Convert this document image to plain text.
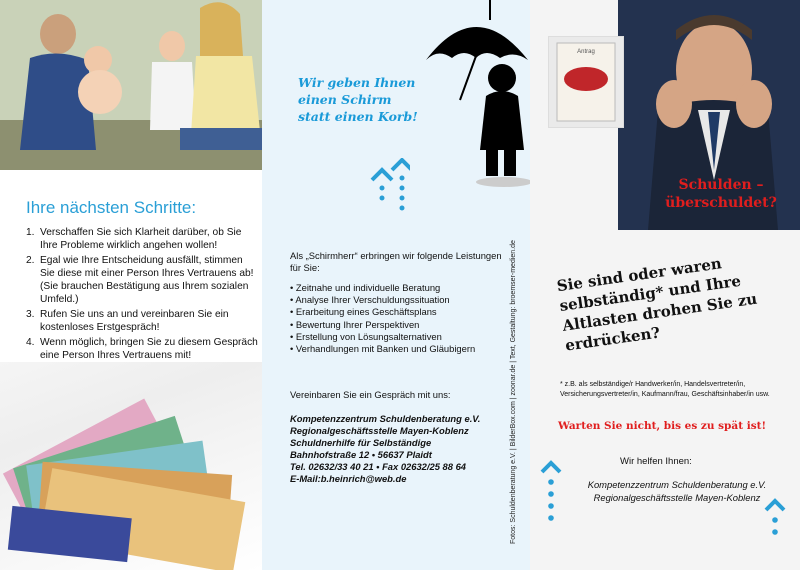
Ihre nächsten Schritte:
1. Verschaffen Sie sich Klarheit darüber, ob Sie Ihre Probleme wirklich angehen wollen!
2. Egal wie Ihre Entscheidung ausfällt, stimmen Sie diese mit einer Person Ihres Vertrauens ab! (Sie brauchen Bestätigung aus Ihrem sozialen Umfeld.)
3. Rufen Sie uns an und vereinbaren Sie ein kostenloses Erstgespräch!
4. Wenn möglich, bringen Sie zu diesem Gespräch eine Person Ihres Vertrauens mit!
Wir geben Ihnen einen Schirm statt einen Korb!
Als „Schirmherr“ erbringen wir folgende Leistungen für Sie:
• Zeitnahe und individuelle Beratung
• Analyse Ihrer Verschuldungssituation
• Erarbeitung eines Geschäftsplans
• Bewertung Ihrer Perspektiven
• Erstellung von Lösungsalternativen
• Verhandlungen mit Banken und Gläubigern
Vereinbaren Sie ein Gespräch mit uns:
Kompetenzzentrum Schuldenberatung e.V.
Regionalgeschäftsstelle Mayen-Koblenz
Schuldnerhilfe für Selbständige
Bahnhofstraße 12 • 56637 Plaidt
Tel. 02632/33 40 21 • Fax 02632/25 88 64
E-Mail:b.heinrich@web.de	Fotos: Schuldenberatung e.V. | BilderBox.com | zoonar.de | Text, Gestaltung: broemser-medien.de
Antrag
Schulden – überschuldet?
Sie sind oder waren selbständig* und Ihre Altlasten drohen Sie zu erdrücken?
* z.B. als selbständige/r Handwerker/in, Handelsvertreter/in, Versicherungsvertreter/in, Kaufmann/frau, Geschäftsinhaber/in usw.
Warten Sie nicht, bis es zu spät ist!
Wir helfen Ihnen:
Kompetenzzentrum Schuldenberatung e.V.
Regionalgeschäftsstelle Mayen-Koblenz
